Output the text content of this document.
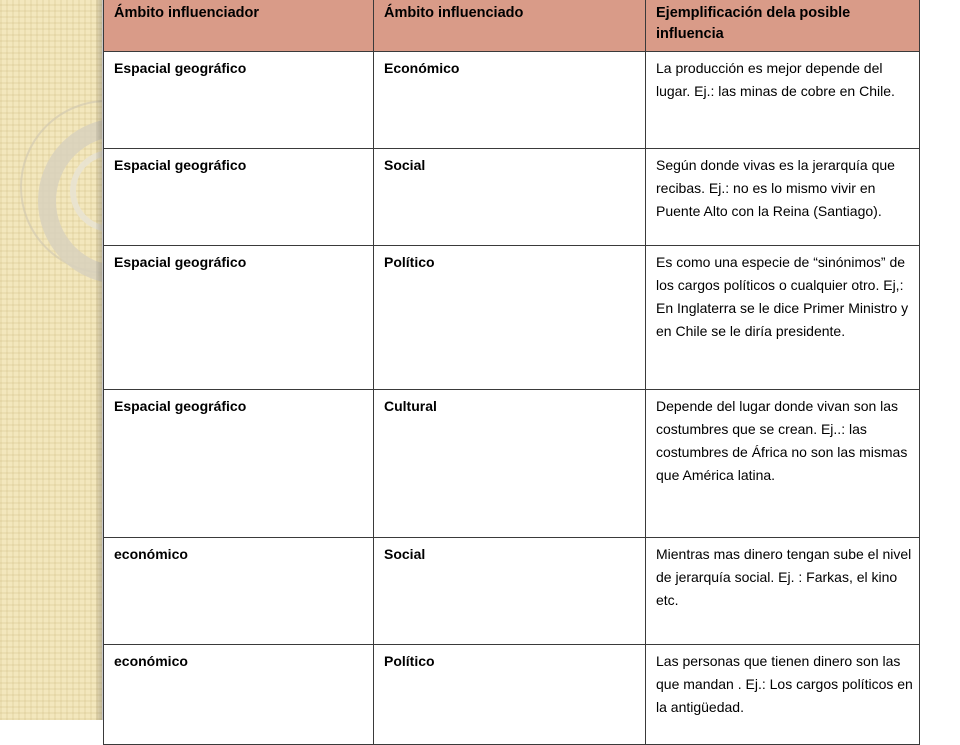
Ámbito influenciador	Ámbito influenciado	Ejemplificación dela posible influencia
Espacial geográfico	Económico	La producción es mejor depende del lugar. Ej.: las minas de cobre en Chile.
Espacial geográfico	Social	Según donde vivas es la jerarquía que recibas. Ej.: no es lo mismo vivir en Puente Alto con la Reina (Santiago).
Espacial geográfico	Político	Es como una especie de “sinónimos” de los cargos políticos o cualquier otro. Ej,: En Inglaterra se le dice Primer Ministro y en Chile se le diría presidente.
Espacial geográfico	Cultural	Depende del lugar donde vivan son las costumbres que se crean. Ej..: las costumbres de África no son las mismas que América latina.
económico	Social	Mientras mas dinero tengan sube el nivel de jerarquía social. Ej. : Farkas, el kino etc.
económico	Político	Las personas que tienen dinero son las que mandan . Ej.: Los cargos políticos en la antigüedad.
